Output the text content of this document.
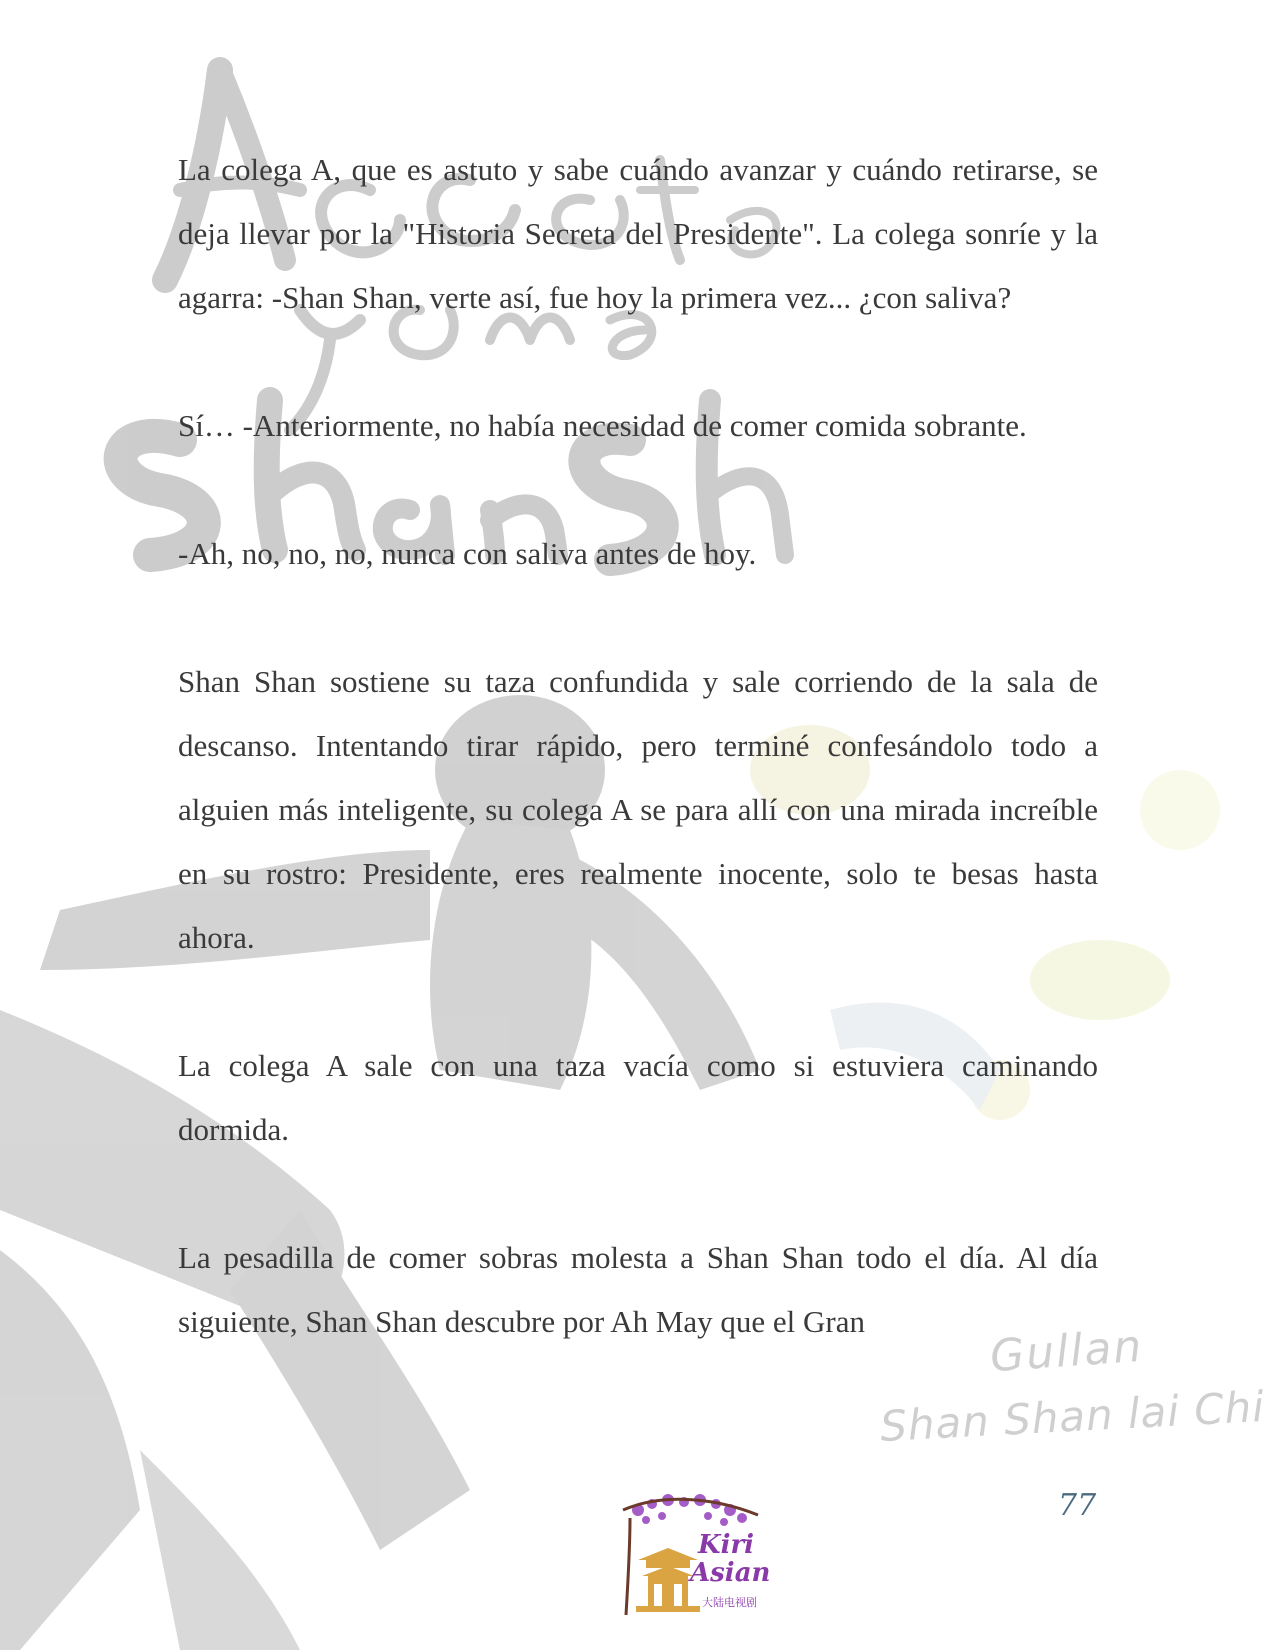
Gullan
Shan Shan lai Chi

La colega A, que es astuto y sabe cuándo avanzar y cuándo retirarse, se deja llevar por la "Historia Secreta del Presidente". La colega sonríe y la agarra: -Shan Shan, verte así, fue hoy la primera vez... ¿con saliva?

Sí… -Anteriormente, no había necesidad de comer comida sobrante.

-Ah, no, no, no, nunca con saliva antes de hoy.

Shan Shan sostiene su taza confundida y sale corriendo de la sala de descanso. Intentando tirar rápido, pero terminé confesándolo todo a alguien más inteligente, su colega A se para allí con una mirada increíble en su rostro: Presidente, eres realmente inocente, solo te besas hasta ahora.

La colega A sale con una taza vacía como si estuviera caminando dormida.

La pesadilla de comer sobras molesta a Shan Shan todo el día. Al día siguiente, Shan Shan descubre por Ah May que el Gran

77
Kiri
Asian
大陆电视剧
